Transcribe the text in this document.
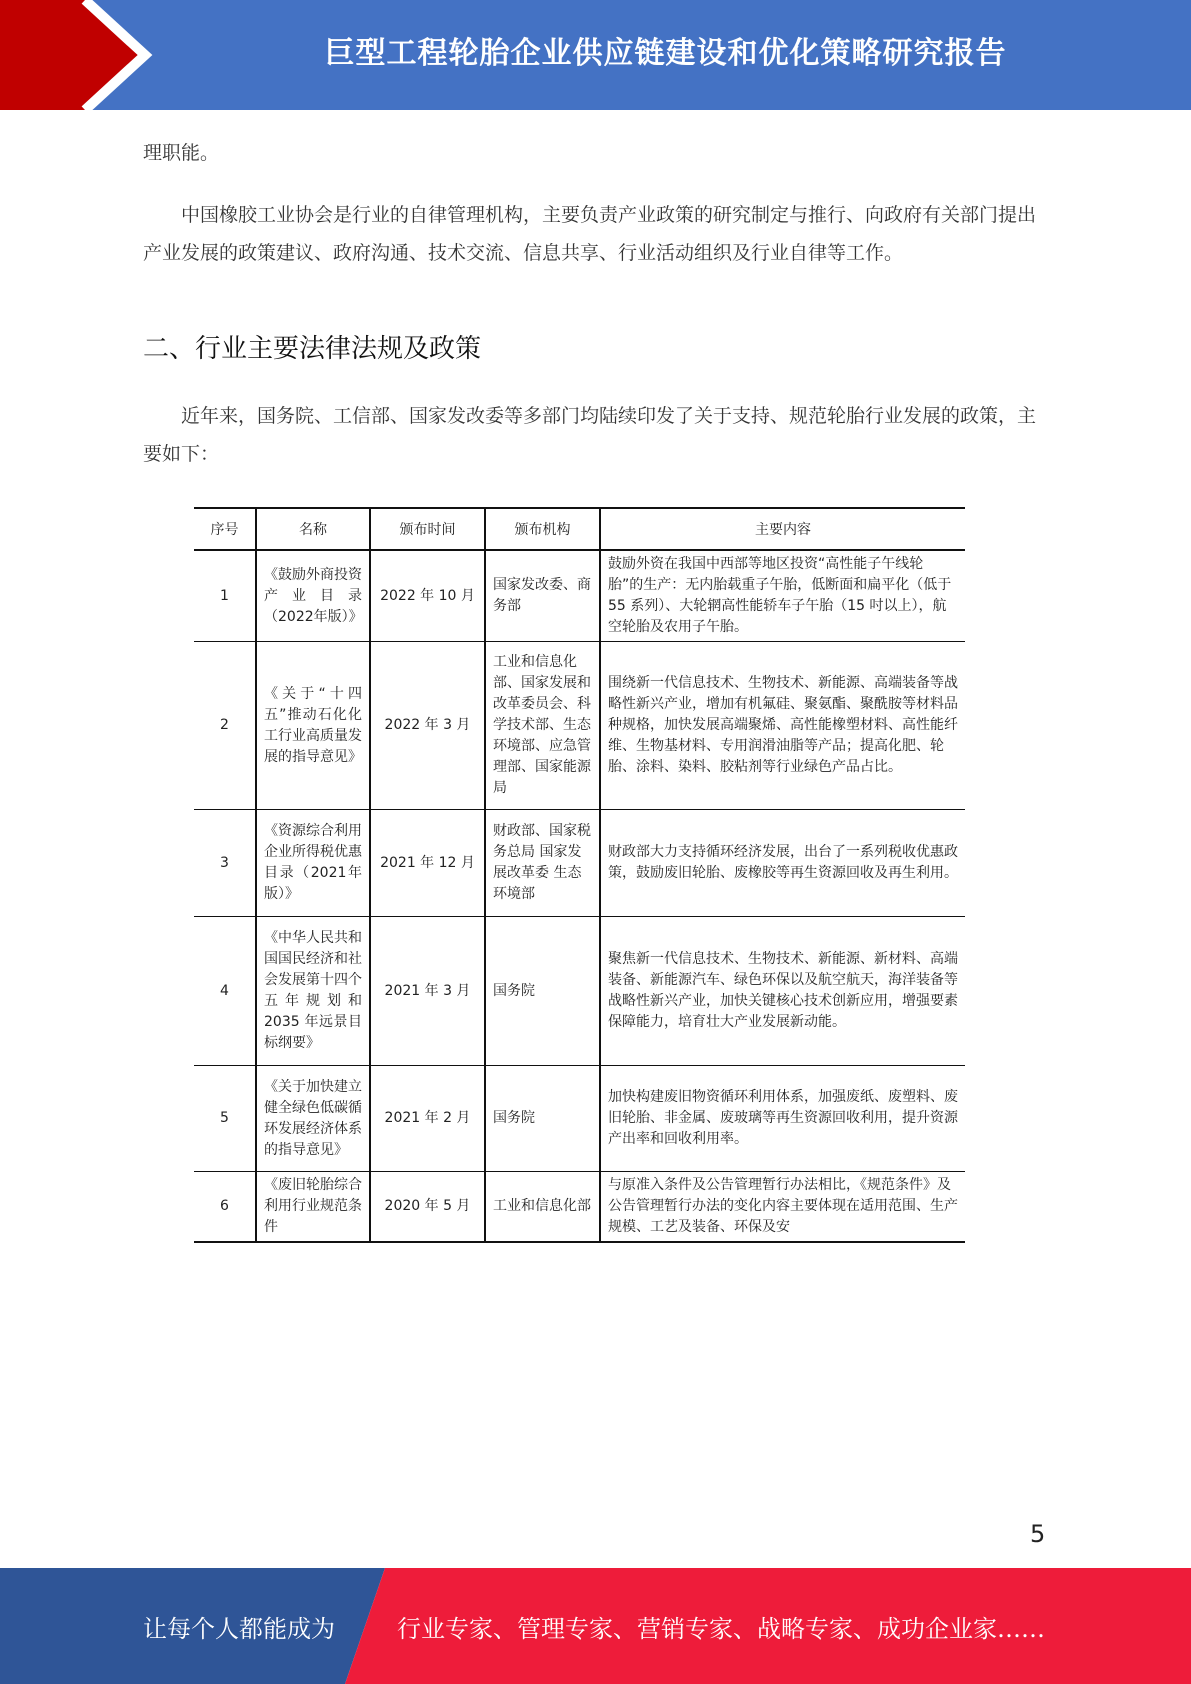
巨型工程轮胎企业供应链建设和优化策略研究报告
理职能。
中国橡胶工业协会是行业的自律管理机构，主要负责产业政策的研究制定与推行、向政府有关部门提出产业发展的政策建议、政府沟通、技术交流、信息共享、行业活动组织及行业自律等工作。
二、行业主要法律法规及政策
近年来，国务院、工信部、国家发改委等多部门均陆续印发了关于支持、规范轮胎行业发展的政策，主要如下：
序号	名称	颁布时间	颁布机构	主要内容
1	《鼓励外商投资产业目录（2022年版）》	2022 年 10 月	国家发改委、商务部	鼓励外资在我国中西部等地区投资“高性能子午线轮胎”的生产：无内胎载重子午胎，低断面和扁平化（低于 55 系列）、大轮辋高性能轿车子午胎（15 吋以上），航空轮胎及农用子午胎。
2	《关于“十四五”推动石化化工行业高质量发展的指导意见》	2022 年 3 月	工业和信息化部、国家发展和改革委员会、科学技术部、生态环境部、应急管理部、国家能源局	围绕新一代信息技术、生物技术、新能源、高端装备等战略性新兴产业，增加有机氟硅、聚氨酯、聚酰胺等材料品种规格，加快发展高端聚烯、高性能橡塑材料、高性能纤维、生物基材料、专用润滑油脂等产品；提高化肥、轮胎、涂料、染料、胶粘剂等行业绿色产品占比。
3	《资源综合利用企业所得税优惠目录（2021年版）》	2021 年 12 月	财政部、国家税务总局 国家发展改革委 生态环境部	财政部大力支持循环经济发展，出台了一系列税收优惠政策，鼓励废旧轮胎、废橡胶等再生资源回收及再生利用。
4	《中华人民共和国国民经济和社会发展第十四个五年规划和2035 年远景目标纲要》	2021 年 3 月	国务院	聚焦新一代信息技术、生物技术、新能源、新材料、高端装备、新能源汽车、绿色环保以及航空航天，海洋装备等战略性新兴产业，加快关键核心技术创新应用，增强要素保障能力，培育壮大产业发展新动能。
5	《关于加快建立健全绿色低碳循环发展经济体系的指导意见》	2021 年 2 月	国务院	加快构建废旧物资循环利用体系，加强废纸、废塑料、废旧轮胎、非金属、废玻璃等再生资源回收利用，提升资源产出率和回收利用率。
6	《废旧轮胎综合利用行业规范条件	2020 年 5 月	工业和信息化部	与原准入条件及公告管理暂行办法相比，《规范条件》及公告管理暂行办法的变化内容主要体现在适用范围、生产规模、工艺及装备、环保及安
5
让每个人都能成为	行业专家、管理专家、营销专家、战略专家、成功企业家……
